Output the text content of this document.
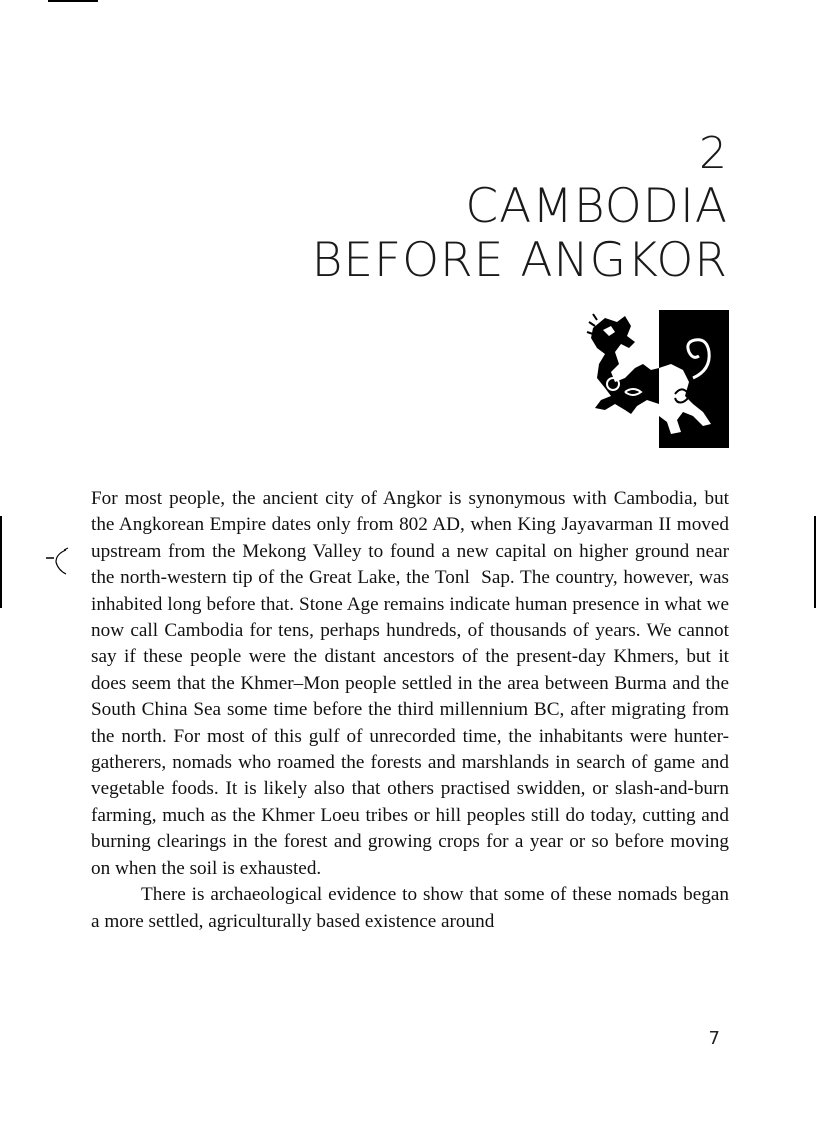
2
CAMBODIA
BEFORE ANGKOR

For most people, the ancient city of Angkor is synonymous with Cambodia, but the Angkorean Empire dates only from 802 AD, when King Jayavarman II moved upstream from the Mekong Valley to found a new capital on higher ground near the north-western tip of the Great Lake, the Tonl  Sap. The country, however, was inhabited long before that. Stone Age remains indicate human presence in what we now call Cambodia for tens, perhaps hundreds, of thousands of years. We cannot say if these people were the distant ancestors of the present-day Khmers, but it does seem that the Khmer–Mon people settled in the area between Burma and the South China Sea some time before the third millennium BC, after migrating from the north. For most of this gulf of unrecorded time, the inhabitants were hunter-gatherers, nomads who roamed the forests and marshlands in search of game and vegetable foods. It is likely also that others practised swidden, or slash-and-burn farming, much as the Khmer Loeu tribes or hill peoples still do today, cutting and burning clearings in the forest and growing crops for a year or so before moving on when the soil is exhausted.

There is archaeological evidence to show that some of these nomads began a more settled, agriculturally based existence around

7
